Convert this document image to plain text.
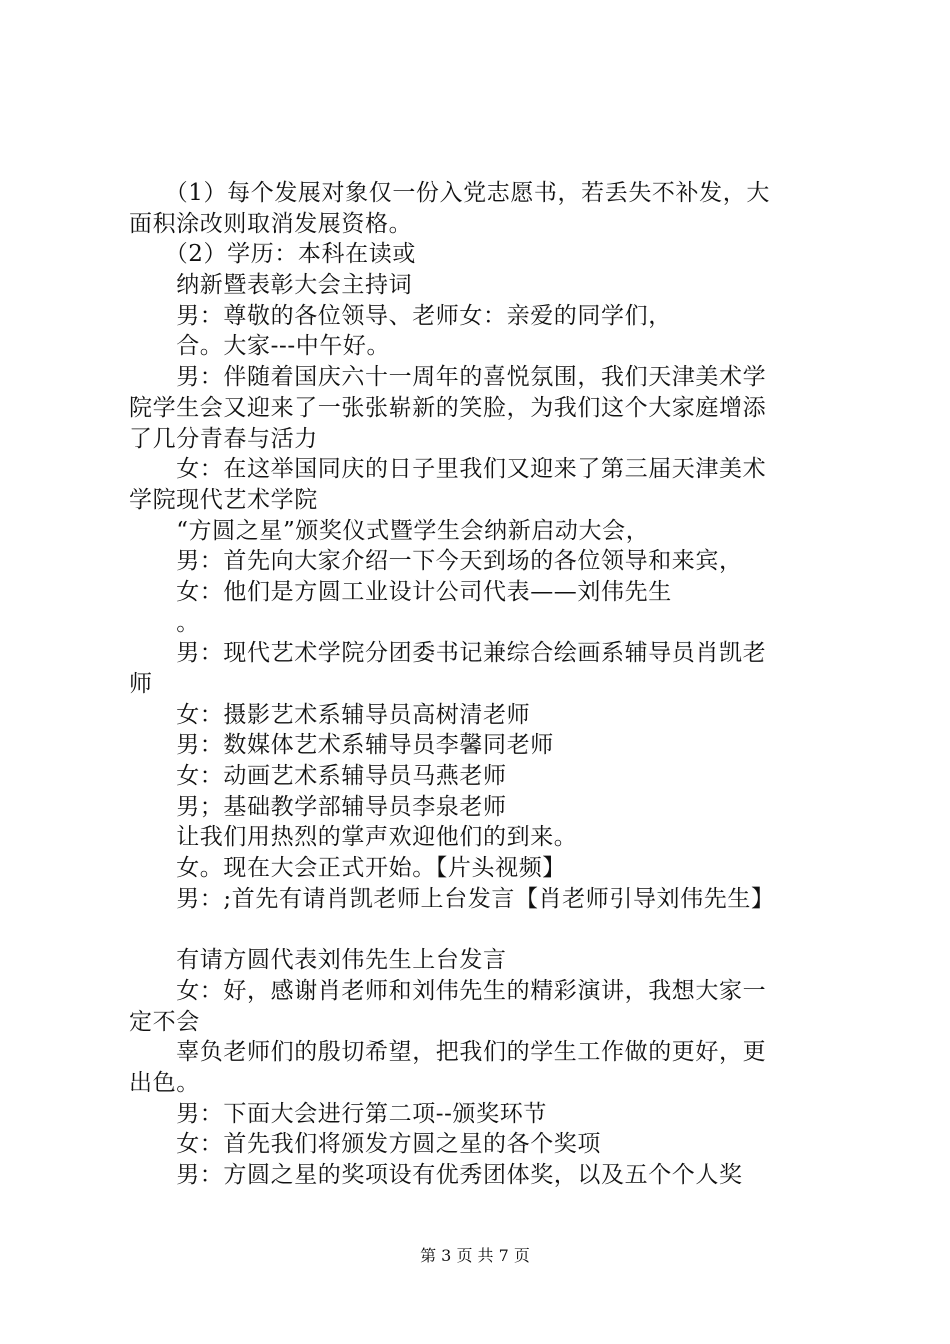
　　（1）每个发展对象仅一份入党志愿书，若丢失不补发，大
面积涂改则取消发展资格。
　　（2）学历：本科在读或
　　纳新暨表彰大会主持词
　　男：尊敬的各位领导、老师女：亲爱的同学们，
　　合。大家---中午好。
　　男：伴随着国庆六十一周年的喜悦氛围，我们天津美术学
院学生会又迎来了一张张崭新的笑脸，为我们这个大家庭增添
了几分青春与活力
　　女：在这举国同庆的日子里我们又迎来了第三届天津美术
学院现代艺术学院
　　“方圆之星”颁奖仪式暨学生会纳新启动大会，
　　男：首先向大家介绍一下今天到场的各位领导和来宾，
　　女：他们是方圆工业设计公司代表——刘伟先生
　　。
　　男：现代艺术学院分团委书记兼综合绘画系辅导员肖凯老
师
　　女：摄影艺术系辅导员高树清老师
　　男：数媒体艺术系辅导员李馨同老师
　　女：动画艺术系辅导员马燕老师
　　男；基础教学部辅导员李泉老师
　　让我们用热烈的掌声欢迎他们的到来。
　　女。现在大会正式开始。【片头视频】
　　男：;首先有请肖凯老师上台发言【肖老师引导刘伟先生】
　　有请方圆代表刘伟先生上台发言
　　女：好，感谢肖老师和刘伟先生的精彩演讲，我想大家一
定不会
　　辜负老师们的殷切希望，把我们的学生工作做的更好，更
出色。
　　男：下面大会进行第二项--颁奖环节
　　女：首先我们将颁发方圆之星的各个奖项
　　男：方圆之星的奖项设有优秀团体奖，以及五个个人奖
第 3 页 共 7 页
